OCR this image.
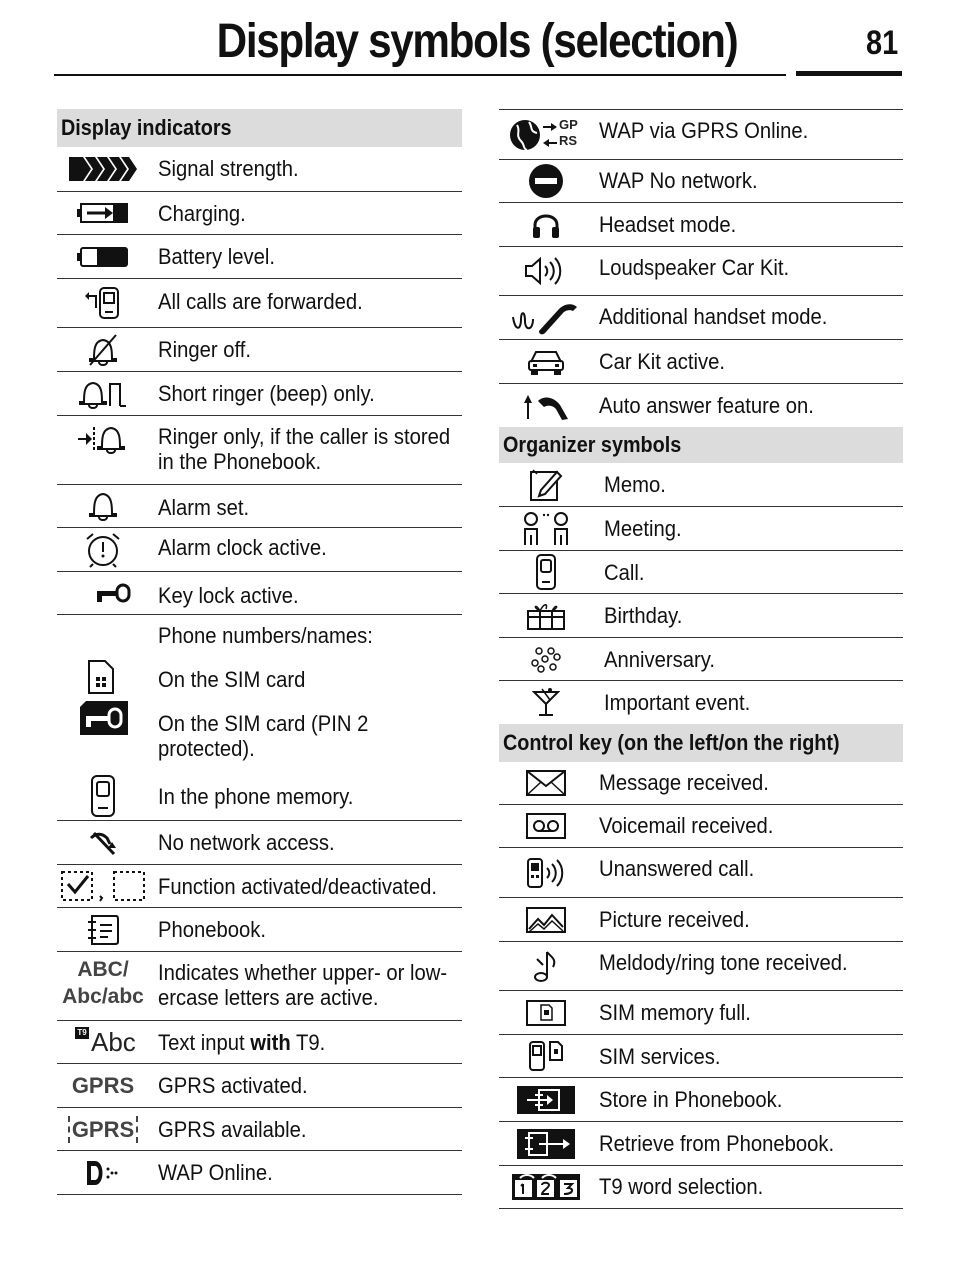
Display symbols (selection)	81
Display indicators
Signal strength.
Charging.
Battery level.
All calls are forwarded.
Ringer off.
Short ringer (beep) only.
Ringer only, if the caller is stored
in the Phonebook.
Alarm set.
Alarm clock active.
Key lock active.
Phone numbers/names:
On the SIM card
On the SIM card (PIN 2
protected).
In the phone memory.
No network access.
Function activated/deactivated.
Phonebook.
ABC/
Abc/abc
Indicates whether upper- or low-
ercase letters are active.
T9 Abc Text input with T9.
GPRS GPRS activated.
GPRS GPRS available.
WAP Online.
GP
RS WAP via GPRS Online.
WAP No network.
Headset mode.
Loudspeaker Car Kit.
Additional handset mode.
Car Kit active.
Auto answer feature on.
Organizer symbols
Memo.
Meeting.
Call.
Birthday.
Anniversary.
Important event.
Control key (on the left/on the right)
Message received.
Voicemail received.
Unanswered call.
Picture received.
Meldody/ring tone received.
SIM memory full.
SIM services.
Store in Phonebook.
Retrieve from Phonebook.
T9 word selection.
